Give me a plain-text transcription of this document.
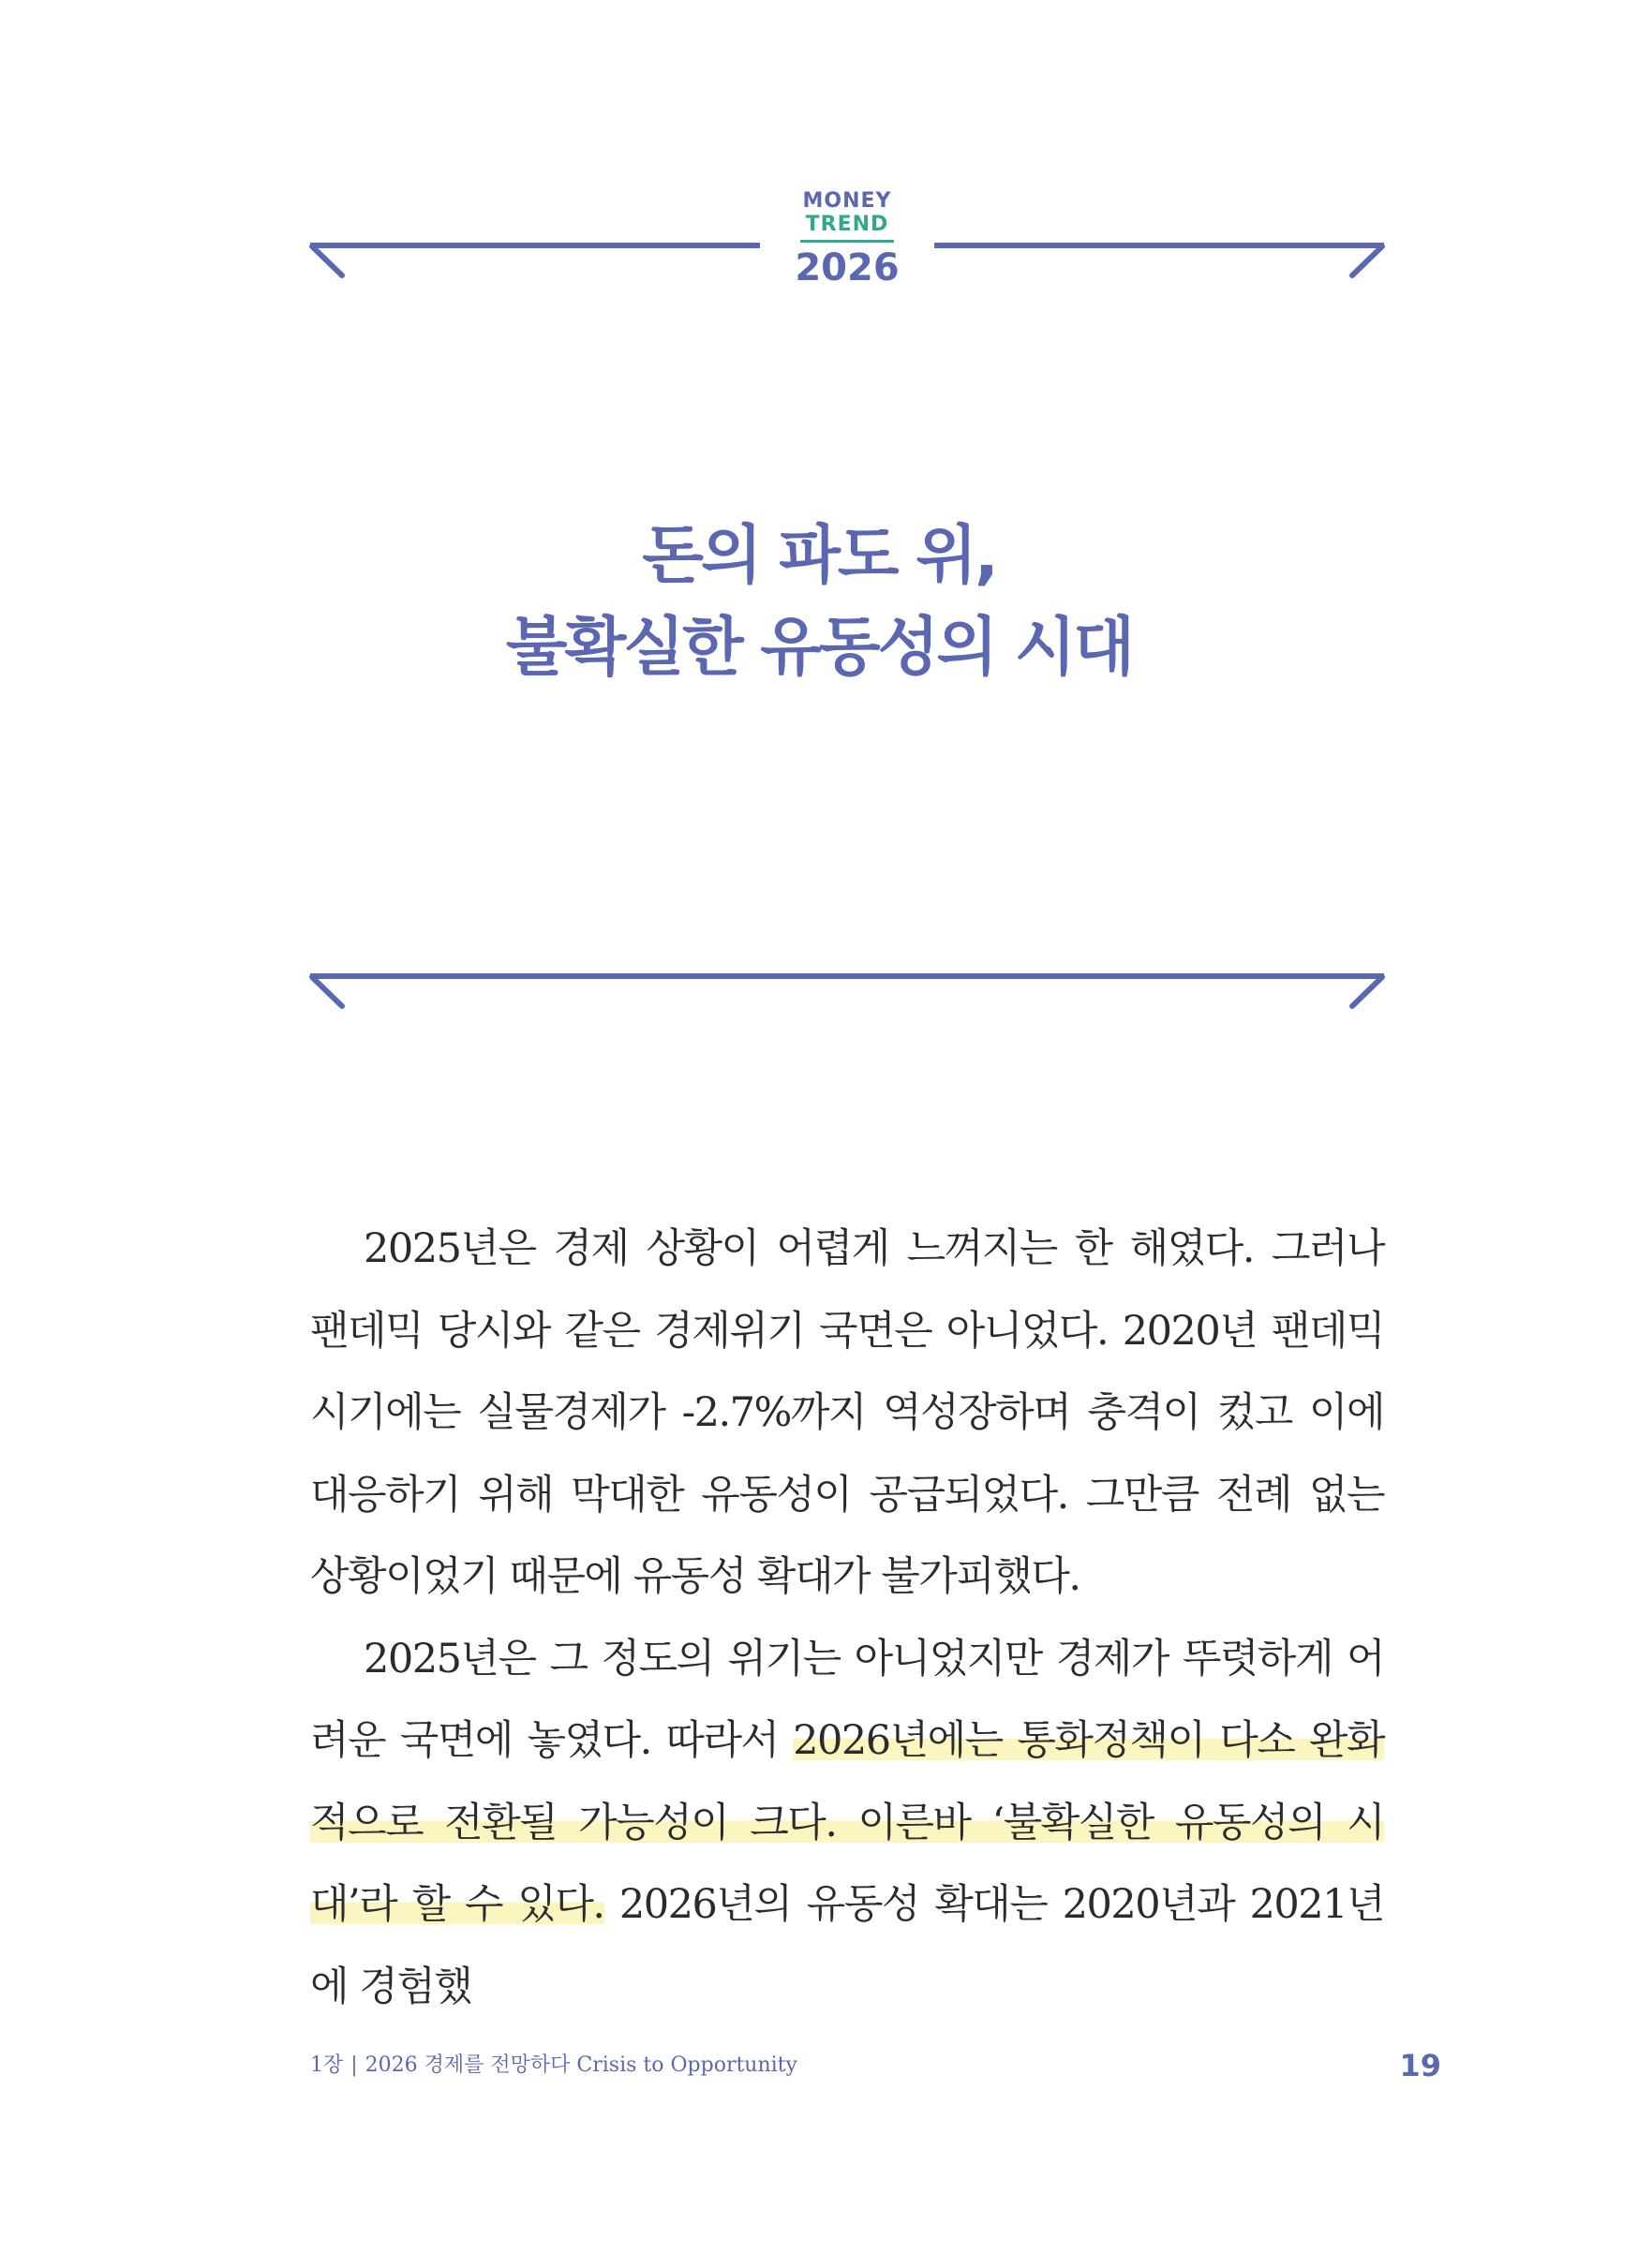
MONEY
TREND
2026
돈의 파도 위,
불확실한 유동성의 시대

2025년은 경제 상황이 어렵게 느껴지는 한 해였다. 그러나 팬데믹 당시와 같은 경제위기 국면은 아니었다. 2020년 팬데믹 시기에는 실물경제가 -2.7%까지 역성장하며 충격이 컸고 이에 대응하기 위해 막대한 유동성이 공급되었다. 그만큼 전례 없는 상황이었기 때문에 유동성 확대가 불가피했다.

2025년은 그 정도의 위기는 아니었지만 경제가 뚜렷하게 어려운 국면에 놓였다. 따라서 2026년에는 통화정책이 다소 완화적으로 전환될 가능성이 크다. 이른바 ‘불확실한 유동성의 시대’라 할 수 있다. 2026년의 유동성 확대는 2020년과 2021년에 경험했

1장 | 2026 경제를 전망하다 Crisis to Opportunity	19
